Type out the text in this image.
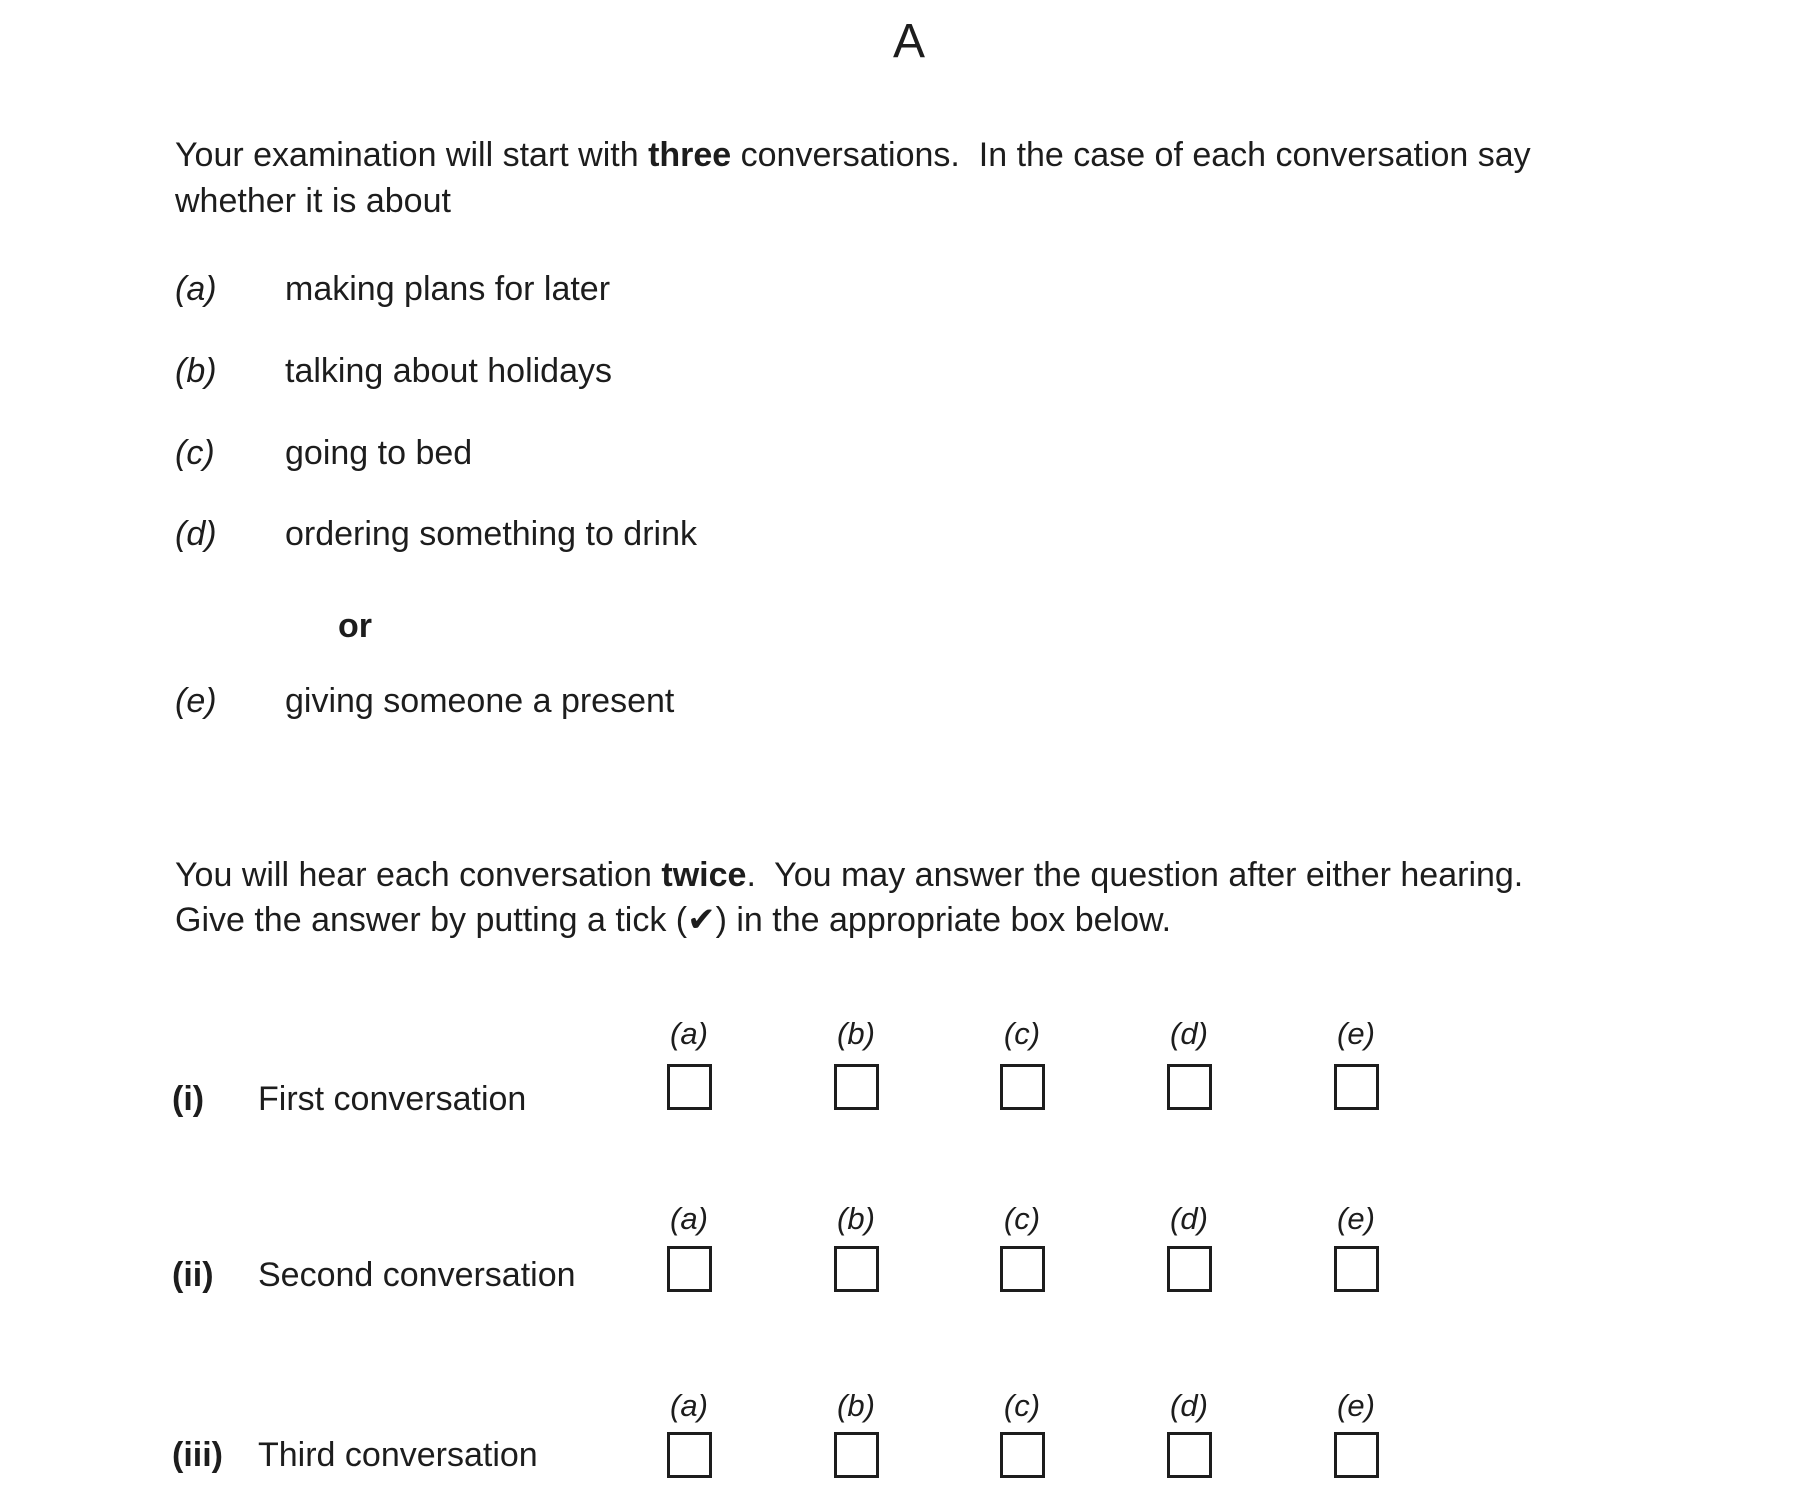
A
Your examination will start with three conversations.  In the case of each conversation say
whether it is about
(a) making plans for later
(b) talking about holidays
(c) going to bed
(d) ordering something to drink
or
(e) giving someone a present
You will hear each conversation twice.  You may answer the question after either hearing.
Give the answer by putting a tick (✔) in the appropriate box below.
(a)	(b)	(c)	(d)	(e)
(i) First conversation
(a)	(b)	(c)	(d)	(e)
(ii) Second conversation
(a)	(b)	(c)	(d)	(e)
(iii) Third conversation
